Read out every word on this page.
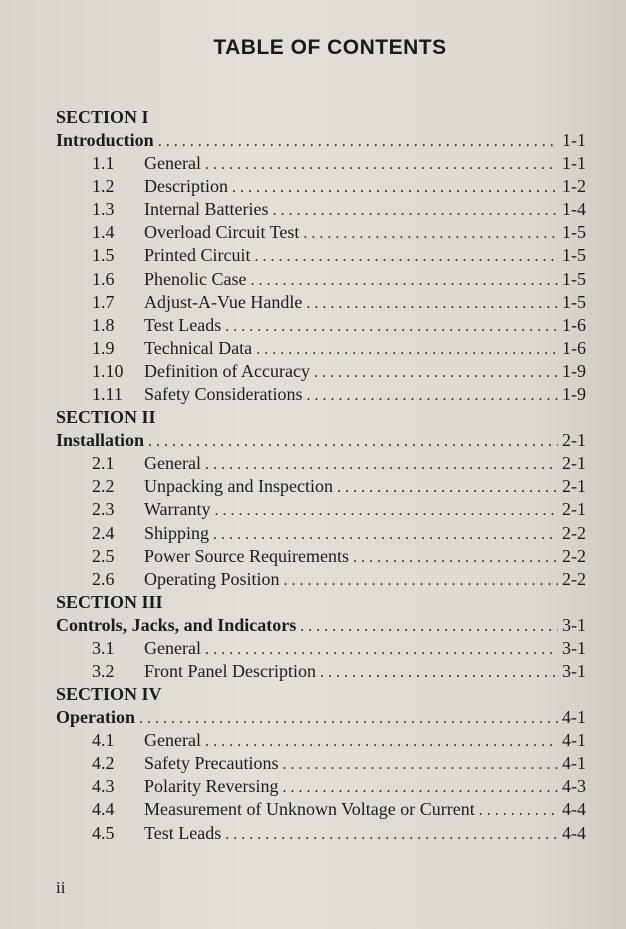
TABLE OF CONTENTS
SECTION I
Introduction . . .	1-1
1.1	General . . .	1-1
1.2	Description . . .	1-2
1.3	Internal Batteries . . .	1-4
1.4	Overload Circuit Test . . .	1-5
1.5	Printed Circuit . . .	1-5
1.6	Phenolic Case . . .	1-5
1.7	Adjust-A-Vue Handle . . .	1-5
1.8	Test Leads . . .	1-6
1.9	Technical Data . . .	1-6
1.10	Definition of Accuracy . . .	1-9
1.11	Safety Considerations . . .	1-9
SECTION II
Installation . . .	2-1
2.1	General . . .	2-1
2.2	Unpacking and Inspection . . .	2-1
2.3	Warranty . . .	2-1
2.4	Shipping . . .	2-2
2.5	Power Source Requirements . . .	2-2
2.6	Operating Position . . .	2-2
SECTION III
Controls, Jacks, and Indicators . . .	3-1
3.1	General . . .	3-1
3.2	Front Panel Description . . .	3-1
SECTION IV
Operation . . .	4-1
4.1	General . . .	4-1
4.2	Safety Precautions . . .	4-1
4.3	Polarity Reversing . . .	4-3
4.4	Measurement of Unknown Voltage or Current . . .	4-4
4.5	Test Leads . . .	4-4
ii
